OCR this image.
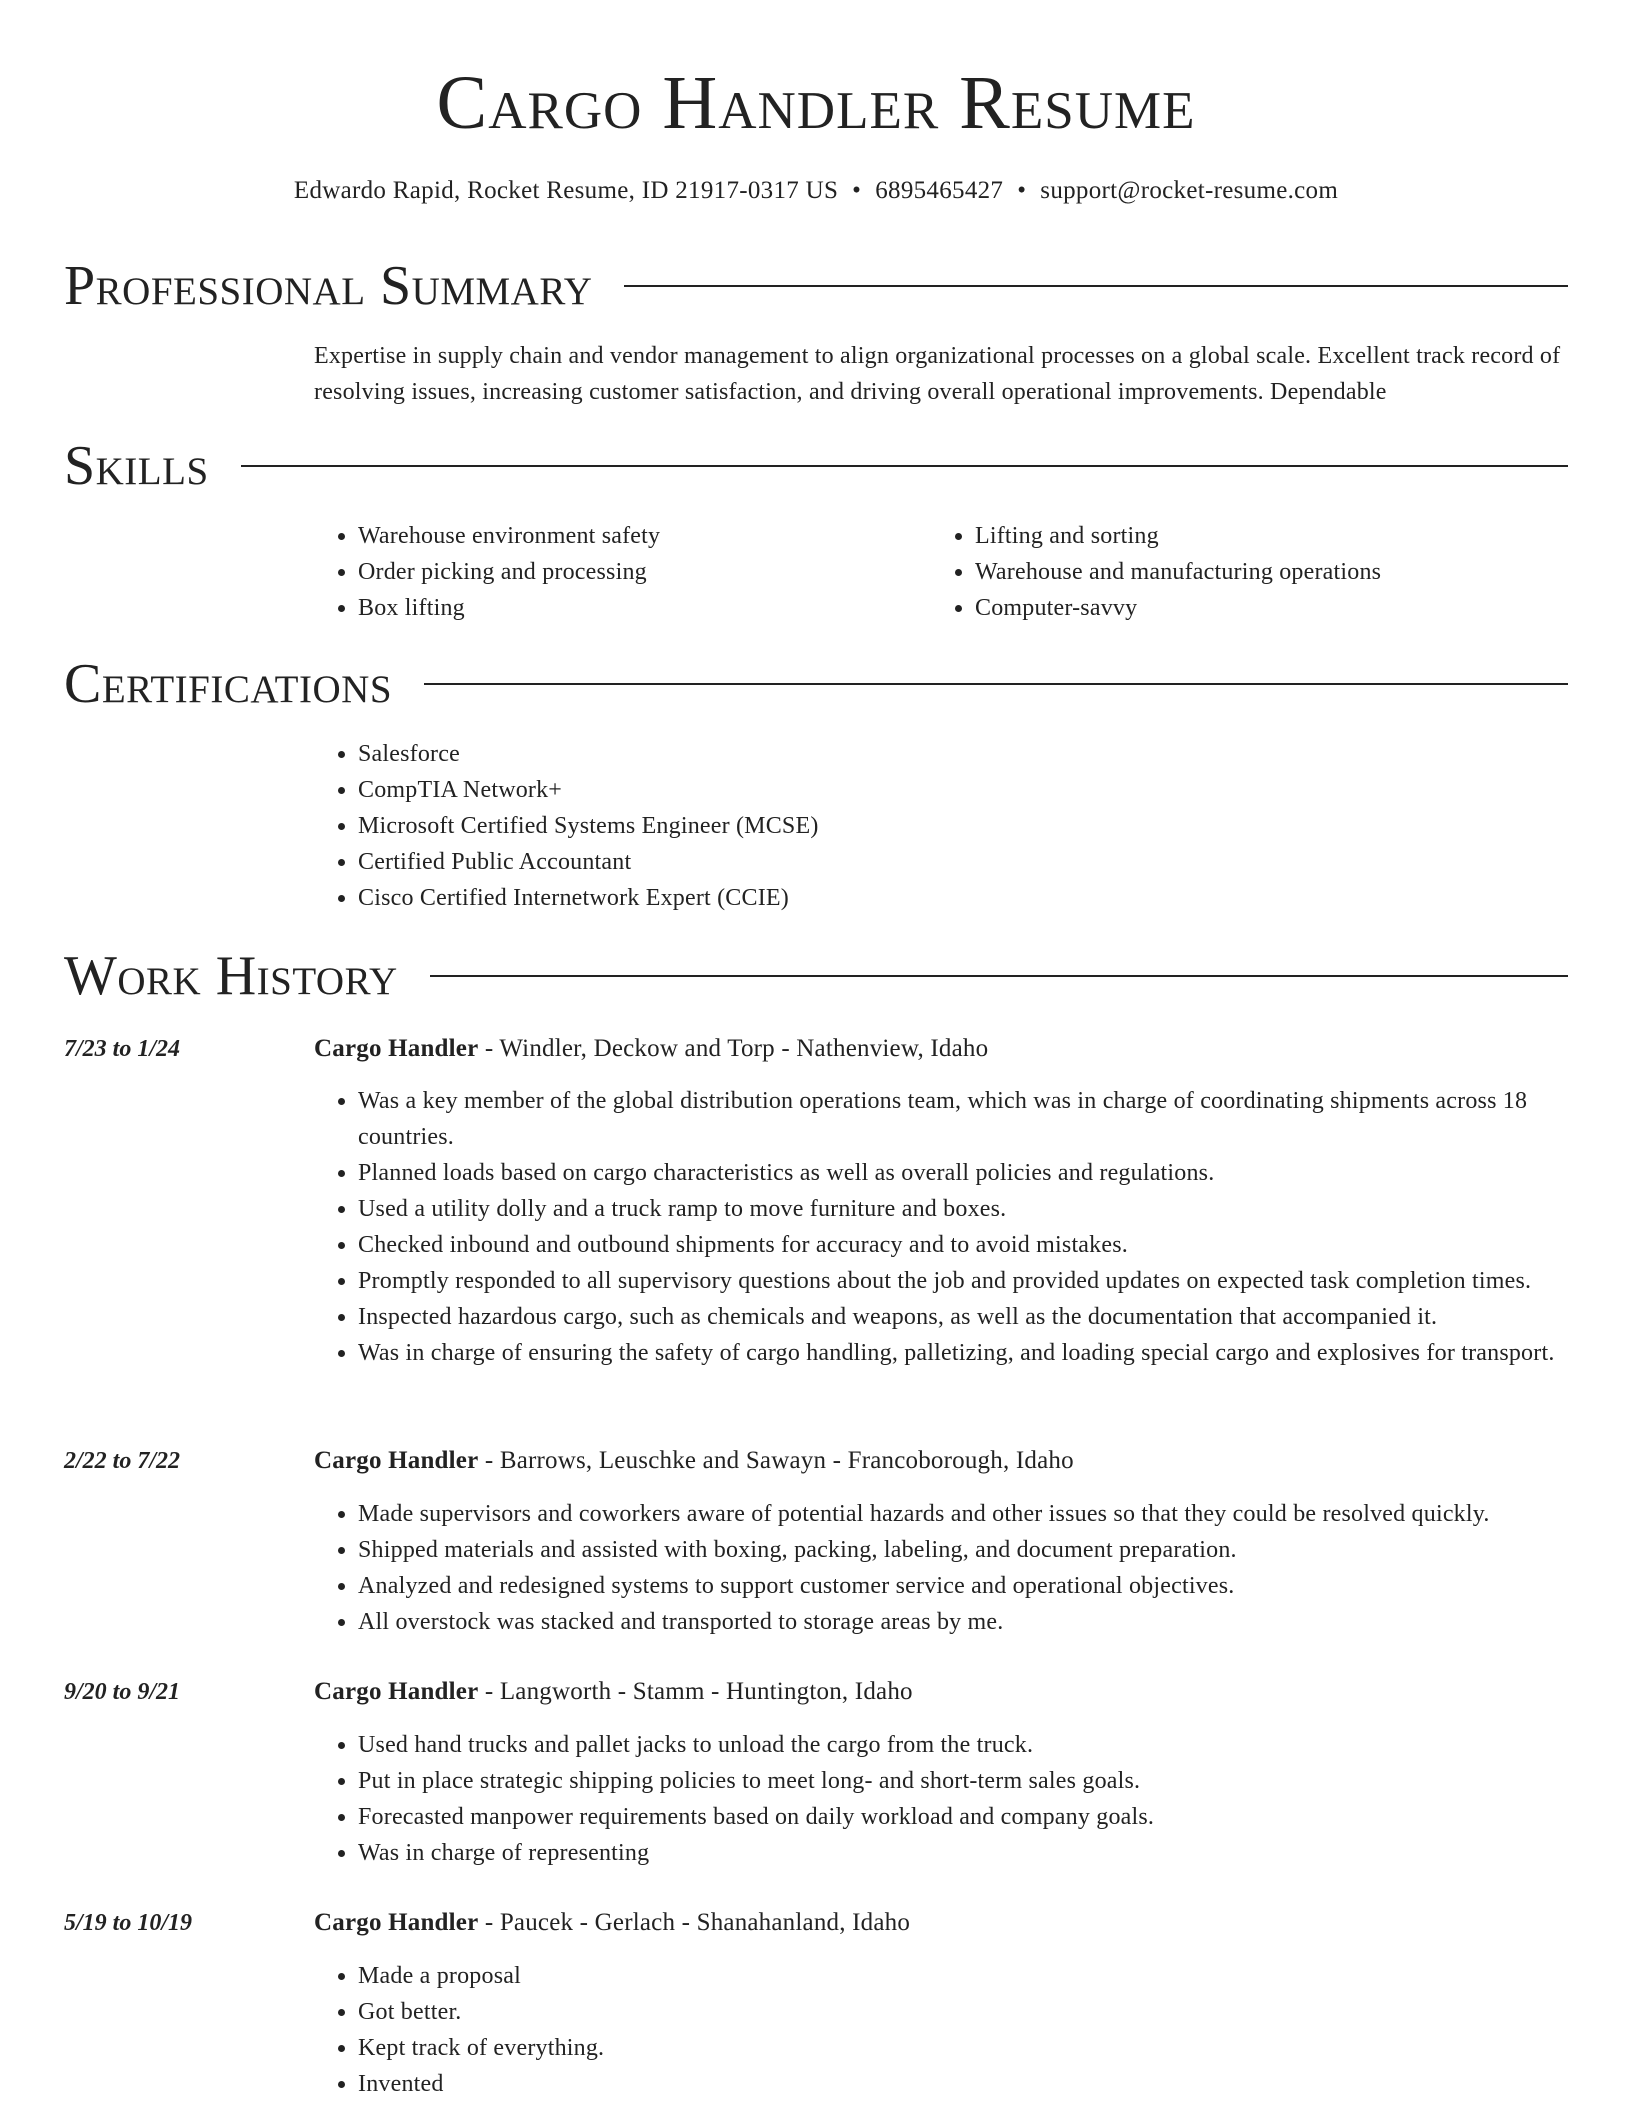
Cargo Handler Resume
Edwardo Rapid, Rocket Resume, ID 21917-0317 US • 6895465427 • support@rocket-resume.com
Professional Summary

Expertise in supply chain and vendor management to align organizational processes on a global scale. Excellent track record of resolving issues, increasing customer satisfaction, and driving overall operational improvements. Dependable

Skills
• Warehouse environment safety
• Order picking and processing
• Box lifting
• Lifting and sorting
• Warehouse and manufacturing operations
• Computer-savvy
Certifications
• Salesforce
• CompTIA Network+
• Microsoft Certified Systems Engineer (MCSE)
• Certified Public Accountant
• Cisco Certified Internetwork Expert (CCIE)
Work History
7/23 to 1/24	Cargo Handler - Windler, Deckow and Torp - Nathenview, Idaho
• Was a key member of the global distribution operations team, which was in charge of coordinating shipments across 18 countries.
• Planned loads based on cargo characteristics as well as overall policies and regulations.
• Used a utility dolly and a truck ramp to move furniture and boxes.
• Checked inbound and outbound shipments for accuracy and to avoid mistakes.
• Promptly responded to all supervisory questions about the job and provided updates on expected task completion times.
• Inspected hazardous cargo, such as chemicals and weapons, as well as the documentation that accompanied it.
• Was in charge of ensuring the safety of cargo handling, palletizing, and loading special cargo and explosives for transport.
2/22 to 7/22	Cargo Handler - Barrows, Leuschke and Sawayn - Francoborough, Idaho
• Made supervisors and coworkers aware of potential hazards and other issues so that they could be resolved quickly.
• Shipped materials and assisted with boxing, packing, labeling, and document preparation.
• Analyzed and redesigned systems to support customer service and operational objectives.
• All overstock was stacked and transported to storage areas by me.
9/20 to 9/21	Cargo Handler - Langworth - Stamm - Huntington, Idaho
• Used hand trucks and pallet jacks to unload the cargo from the truck.
• Put in place strategic shipping policies to meet long- and short-term sales goals.
• Forecasted manpower requirements based on daily workload and company goals.
• Was in charge of representing
5/19 to 10/19	Cargo Handler - Paucek - Gerlach - Shanahanland, Idaho
• Made a proposal
• Got better.
• Kept track of everything.
• Invented
